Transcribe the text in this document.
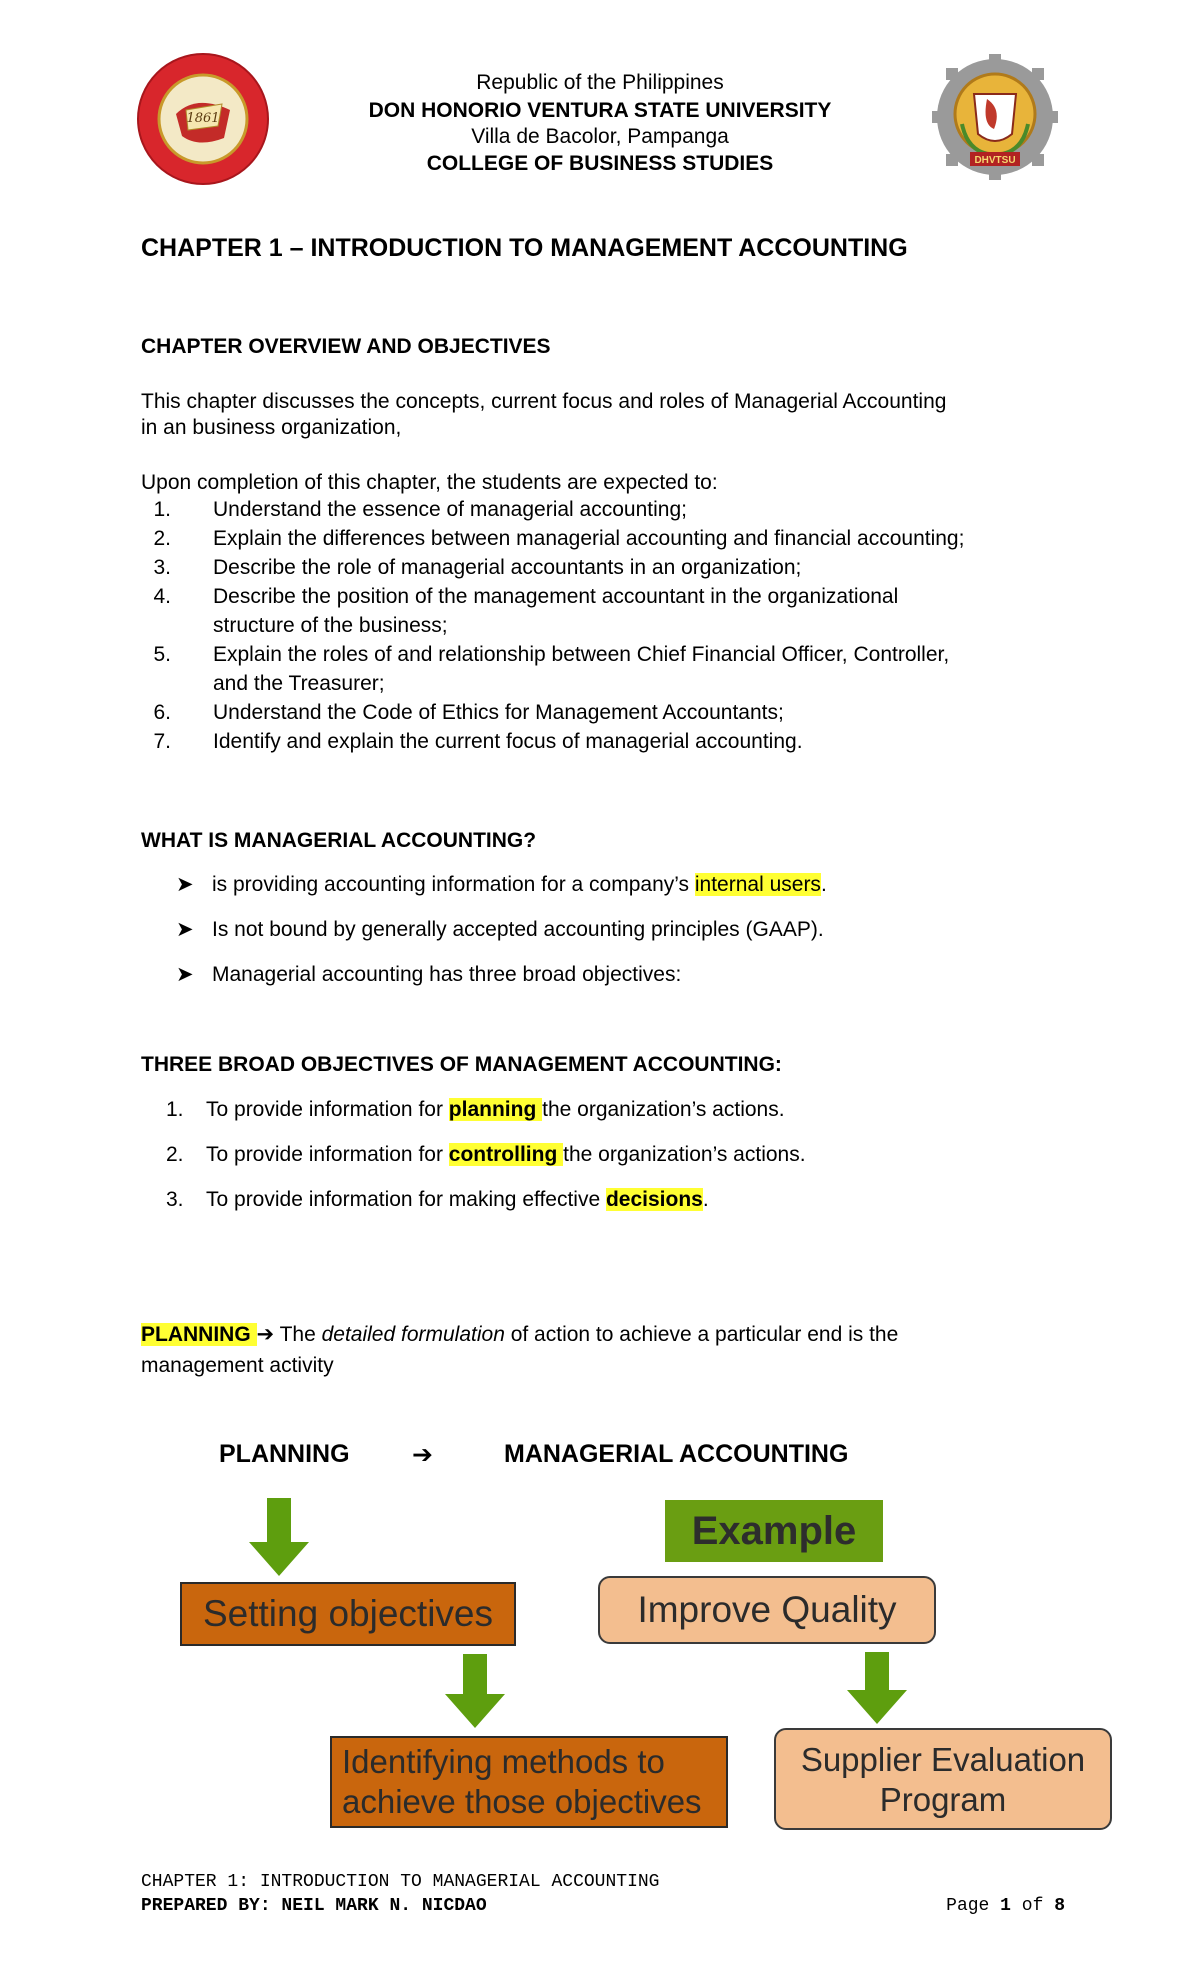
1861
DHVTSU
Republic of the Philippines
DON HONORIO VENTURA STATE UNIVERSITY
Villa de Bacolor, Pampanga
COLLEGE OF BUSINESS STUDIES
CHAPTER 1 – INTRODUCTION TO MANAGEMENT ACCOUNTING
CHAPTER OVERVIEW AND OBJECTIVES
This chapter discusses the concepts, current focus and roles of Managerial Accounting
in an business organization,
Upon completion of this chapter, the students are expected to:
1. Understand the essence of managerial accounting;
2. Explain the differences between managerial accounting and financial accounting;
3. Describe the role of managerial accountants in an organization;
4. Describe the position of the management accountant in the organizational
structure of the business;
5. Explain the roles of and relationship between Chief Financial Officer, Controller,
and the Treasurer;
6. Understand the Code of Ethics for Management Accountants;
7. Identify and explain the current focus of managerial accounting.
WHAT IS MANAGERIAL ACCOUNTING?
➤ is providing accounting information for a company’s internal users.
➤ Is not bound by generally accepted accounting principles (GAAP).
➤ Managerial accounting has three broad objectives:
THREE BROAD OBJECTIVES OF MANAGEMENT ACCOUNTING:
1. To provide information for planning the organization’s actions.
2. To provide information for controlling the organization’s actions.
3. To provide information for making effective decisions.
PLANNING ➔ The detailed formulation of action to achieve a particular end is the
management activity
PLANNING ➔	MANAGERIAL ACCOUNTING
Example
Setting objectives	Improve Quality
Identifying methods to
achieve those objectives
Supplier Evaluation
Program
CHAPTER 1: INTRODUCTION TO MANAGERIAL ACCOUNTING
PREPARED BY: NEIL MARK N. NICDAO	Page 1 of 8
